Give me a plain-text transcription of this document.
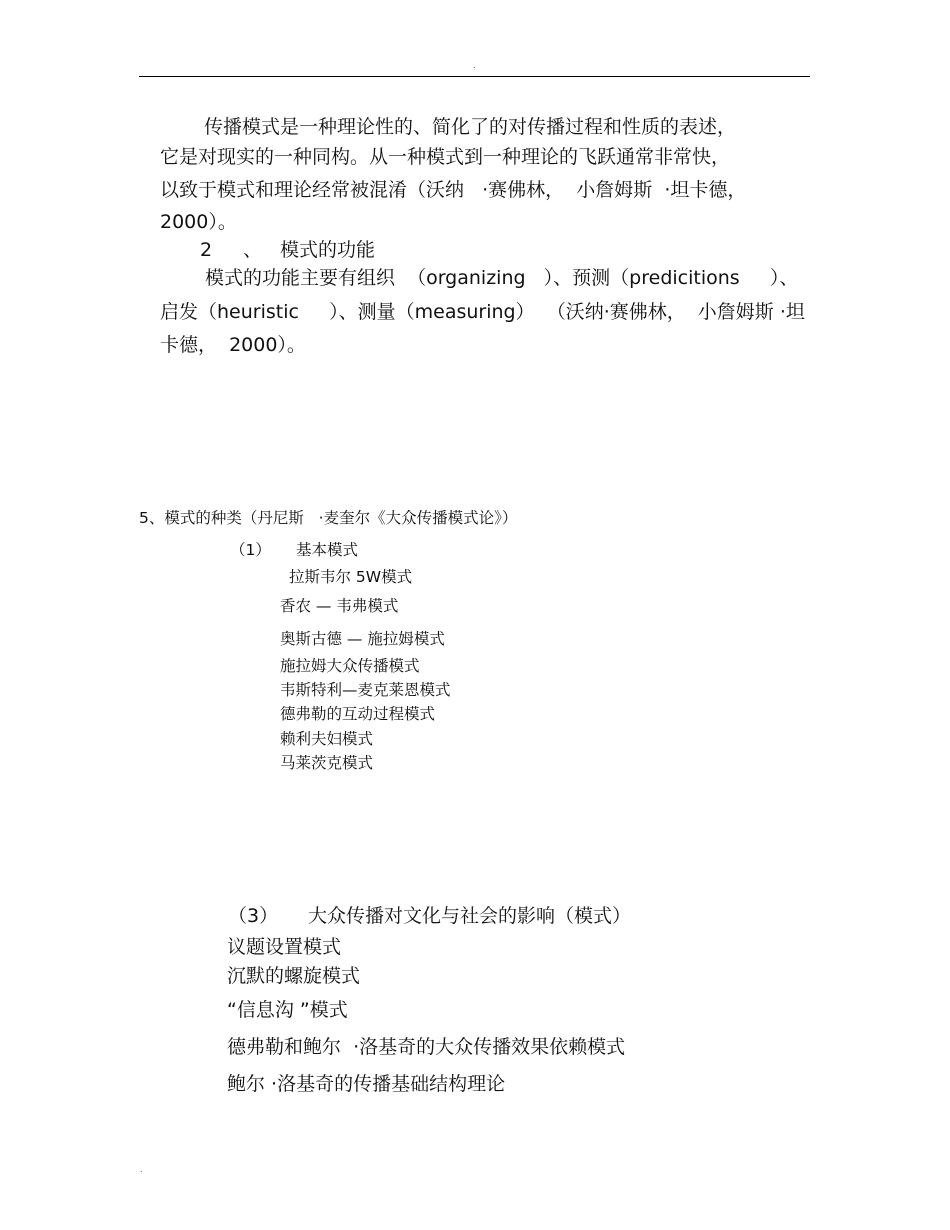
.
传播模式是一种理论性的、简化了的对传播过程和性质的表述，
它是对现实的一种同构。从一种模式到一种理论的飞跃通常非常快，
以致于模式和理论经常被混淆（沃纳   ·赛佛林，  小詹姆斯  ·坦卡德，
2000）。
2 、 模式的功能
模式的功能主要有组织  （organizing   ）、预测（predicitions     ）、
启发（heuristic     ）、测量（measuring）  （沃纳·赛佛林，  小詹姆斯 ·坦
卡德，  2000）。
5、模式的种类（丹尼斯   ·麦奎尔《大众传播模式论》）
（1） 基本模式
拉斯韦尔 5W模式
香农 — 韦弗模式
奥斯古德 — 施拉姆模式
施拉姆大众传播模式
韦斯特利—麦克莱恩模式
德弗勒的互动过程模式
赖利夫妇模式
马莱茨克模式
（3） 大众传播对文化与社会的影响（模式）
议题设置模式
沉默的螺旋模式
“信息沟 ”模式
德弗勒和鲍尔  ·洛基奇的大众传播效果依赖模式
鲍尔 ·洛基奇的传播基础结构理论
.
